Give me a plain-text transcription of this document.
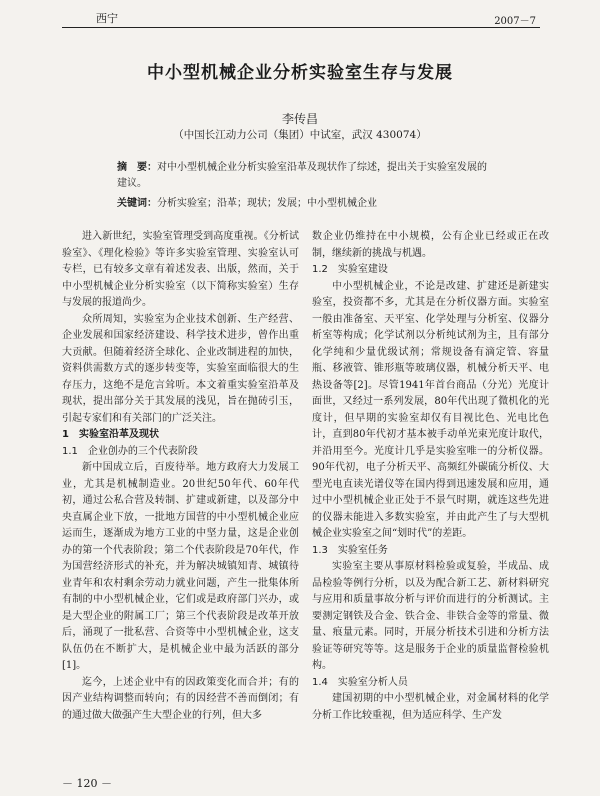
西宁	2007－7
中小型机械企业分析实验室生存与发展
李传昌
（中国长江动力公司（集团）中试室，武汉 430074）
摘　要：对中小型机械企业分析实验室沿革及现状作了综述，提出关于实验室发展的建议。
关键词：分析实验室；沿革；现状；发展；中小型机械企业

进入新世纪，实验室管理受到高度重视。《分析试验室》、《理化检验》等许多实验室管理、实验室认可专栏，已有较多文章有着述发表、出版，然而，关于中小型机械企业分析实验室（以下简称实验室）生存与发展的报道尚少。

众所周知，实验室为企业技术创新、生产经营、企业发展和国家经济建设、科学技术进步，曾作出重大贡献。但随着经济全球化、企业改制进程的加快，资料供需数方式的逐步转变等，实验室面临很大的生存压力，这绝不是危言耸听。本文着重实验室沿革及现状，提出部分关于其发展的浅见，旨在抛砖引玉，引起专家们和有关部门的广泛关注。

1　实验室沿革及现状
1.1　企业创办的三个代表阶段

新中国成立后，百废待举。地方政府大力发展工业，尤其是机械制造业。20世纪50年代、60年代初，通过公私合营及转制、扩建或新建，以及部分中央直属企业下放，一批地方国营的中小型机械企业应运而生，逐渐成为地方工业的中坚力量，这是企业创办的第一个代表阶段；第二个代表阶段是70年代，作为国营经济形式的补充，并为解决城镇知青、城镇待业青年和农村剩余劳动力就业问题，产生一批集体所有制的中小型机械企业，它们或是政府部门兴办，或是大型企业的附属工厂；第三个代表阶段是改革开放后，涌现了一批私营、合资等中小型机械企业，这支队伍仍在不断扩大，是机械企业中最为活跃的部分[1]。

迄今，上述企业中有的因政策变化而合并；有的因产业结构调整而转向；有的因经营不善而倒闭；有的通过做大做强产生大型企业的行列，但大多

数企业仍维持在中小规模，公有企业已经或正在改制，继续新的挑战与机遇。

1.2　实验室建设

中小型机械企业，不论是改建、扩建还是新建实验室，投资都不多，尤其是在分析仪器方面。实验室一般由准备室、天平室、化学处理与分析室、仪器分析室等构成；化学试剂以分析纯试剂为主，且有部分化学纯和少量优级试剂；常规设备有滴定管、容量瓶、移液管、锥形瓶等玻璃仪器，机械分析天平、电热设备等[2]。尽管1941年首台商品（分光）光度计面世，又经过一系列发展，80年代出现了微机化的光度计，但早期的实验室却仅有目视比色、光电比色计，直到80年代初才基本被手动单光束光度计取代，并沿用至今。光度计几乎是实验室唯一的分析仪器。90年代初，电子分析天平、高频红外碳硫分析仪、大型光电直读光谱仪等在国内得到迅速发展和应用，通过中小型机械企业正处于不景气时期，就连这些先进的仪器未能进入多数实验室，并由此产生了与大型机械企业实验室之间“划时代”的差距。

1.3　实验室任务

实验室主要从事原材料检验或复验，半成品、成品检验等例行分析，以及为配合新工艺、新材料研究与应用和质量事故分析与评价而进行的分析测试。主要测定钢铁及合金、铁合金、非铁合金等的常量、微量、痕量元素。同时，开展分析技术引进和分析方法验证等研究等等。这是服务于企业的质量监督检验机构。

1.4　实验室分析人员

建国初期的中小型机械企业，对金属材料的化学分析工作比较重视，但为适应科学、生产发

－ 120 －
